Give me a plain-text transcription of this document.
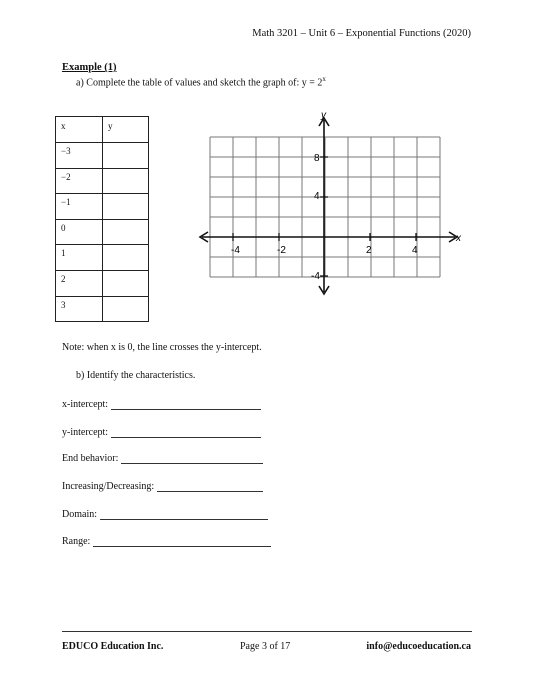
Math 3201 – Unit 6 – Exponential Functions (2020)
Example (1)
a) Complete the table of values and sketch the graph of: $y = 2^x$
x	y
−3	
−2	
−1	
0	
1	
2	
3	
x
y
-4	-2	2	4
8
4
-4
Note: when x is 0, the line crosses the y-intercept.
b) Identify the characteristics.
x-intercept:
y-intercept:
End behavior:
Increasing/Decreasing:
Domain:
Range:
EDUCO Education Inc.	Page 3 of 17	info@educoeducation.ca
